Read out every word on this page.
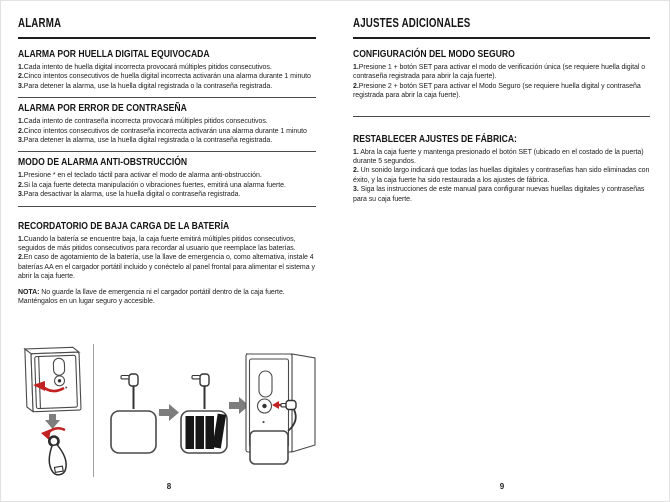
ALARMA
ALARMA POR HUELLA DIGITAL EQUIVOCADA

1.Cada intento de huella digital incorrecta provocará múltiples pitidos consecutivos.

2.Cinco intentos consecutivos de huella digital incorrecta activarán una alarma durante 1 minuto

3.Para detener la alarma, use la huella digital registrada o la contraseña registrada.

ALARMA POR ERROR DE CONTRASEÑA

1.Cada intento de contraseña incorrecta provocará múltiples pitidos consecutivos.

2.Cinco intentos consecutivos de contraseña incorrecta activarán una alarma durante 1 minuto

3.Para detener la alarma, use la huella digital registrada o la contraseña registrada.

MODO DE ALARMA ANTI-OBSTRUCCIÓN

1.Presione * en el teclado táctil para activar el modo de alarma anti-obstrucción.

2.Si la caja fuerte detecta manipulación o vibraciones fuertes, emitirá una alarma fuerte.

3.Para desactivar la alarma, use la huella digital o contraseña registrada.

RECORDATORIO DE BAJA CARGA DE LA BATERÍA

1.Cuando la batería se encuentre baja, la caja fuerte emitirá múltiples pitidos consecutivos, seguidos de más pitidos consecutivos para recordar al usuario que reemplace las baterías.

2.En caso de agotamiento de la batería, use la llave de emergencia o, como alternativa, instale 4 baterías AA en el cargador portátil incluido y conéctelo al panel frontal para alimentar el sistema y abrir la caja fuerte.

NOTA: No guarde la llave de emergencia ni el cargador portátil dentro de la caja fuerte. Manténgalos en un lugar seguro y accesible.

AJUSTES ADICIONALES
CONFIGURACIÓN DEL MODO SEGURO

1.Presione 1 + botón SET para activar el modo de verificación única (se requiere huella digital o contraseña registrada para abrir la caja fuerte).

2.Presione 2 + botón SET para activar el Modo Seguro (se requiere huella digital y contraseña registrada para abrir la caja fuerte).

RESTABLECER AJUSTES DE FÁBRICA:

1. Abra la caja fuerte y mantenga presionado el botón SET (ubicado en el costado de la puerta) durante 5 segundos.

2. Un sonido largo indicará que todas las huellas digitales y contraseñas han sido eliminadas con éxito, y la caja fuerte ha sido restaurada a los ajustes de fábrica.

3. Siga las instrucciones de este manual para configurar nuevas huellas digitales y contraseñas para su caja fuerte.

8	9
